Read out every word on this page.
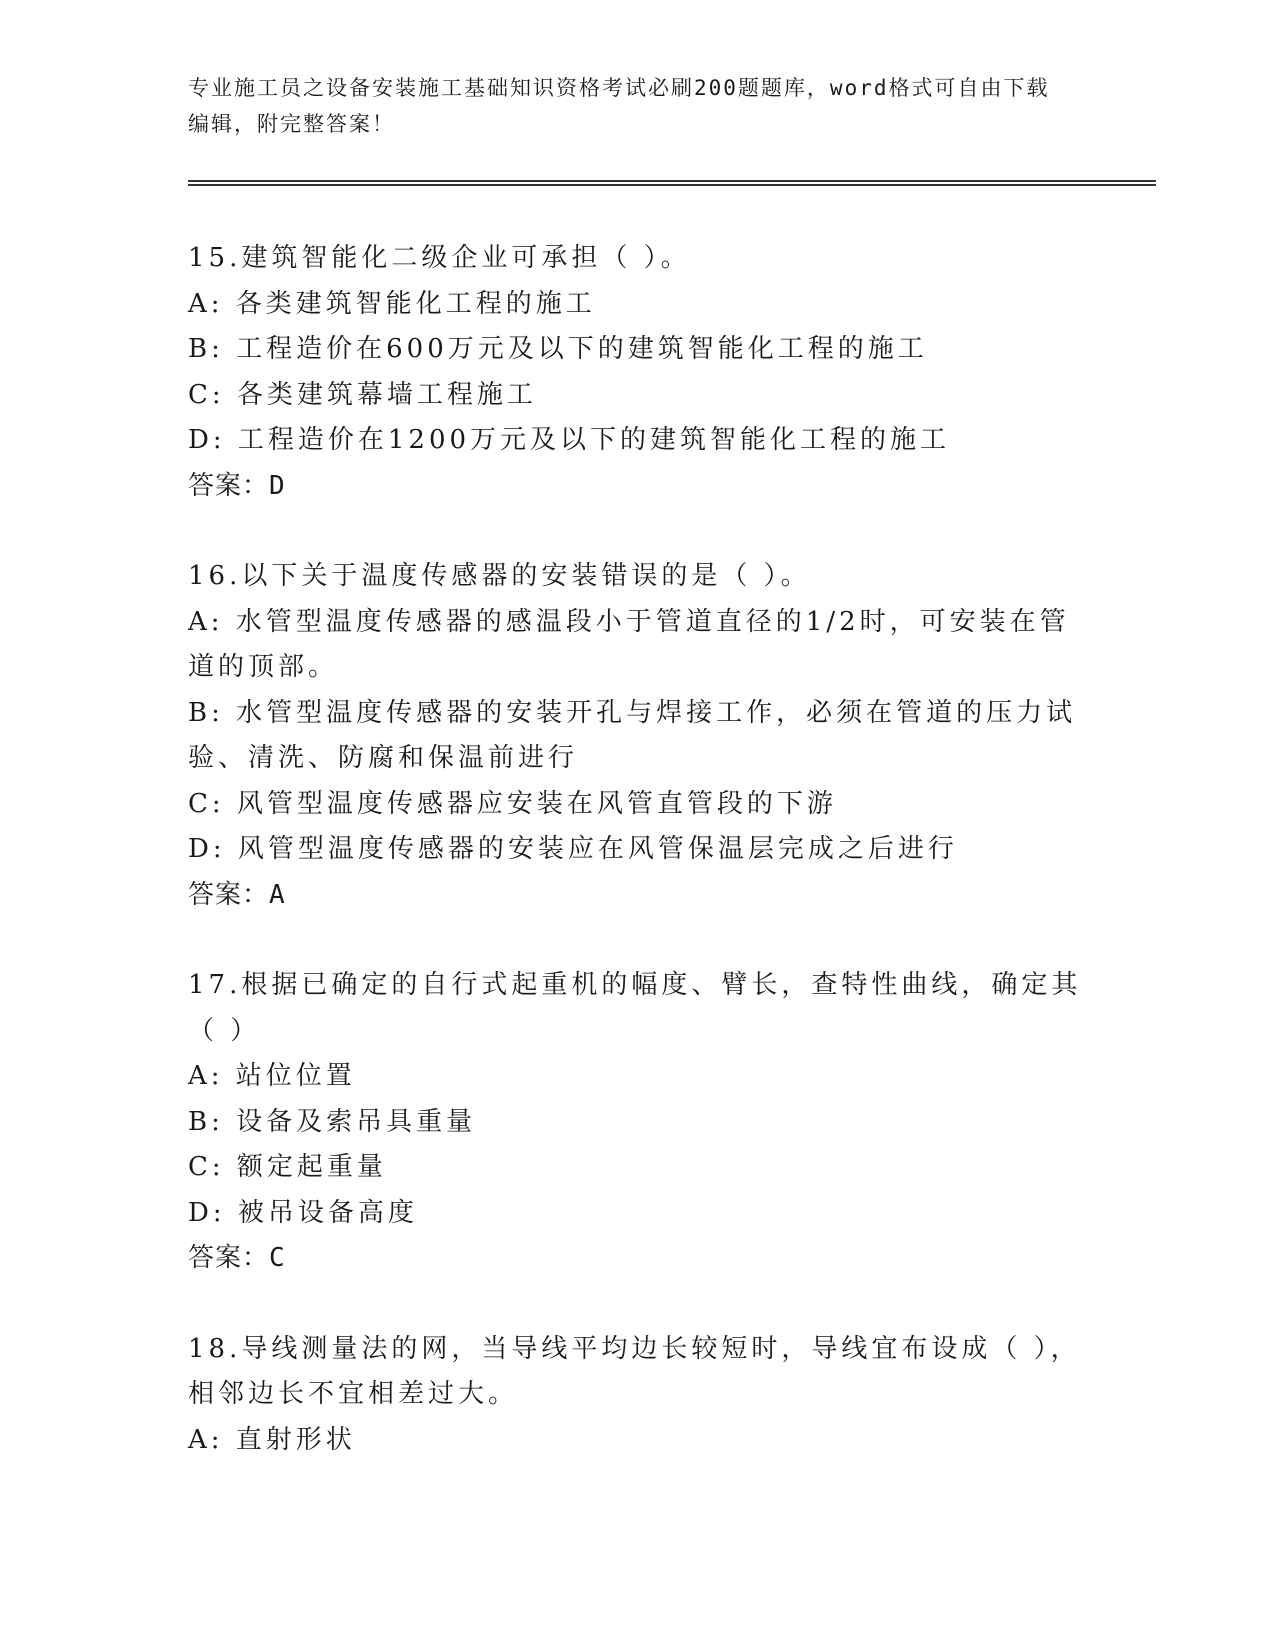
专业施工员之设备安装施工基础知识资格考试必刷200题题库，word格式可自由下载编辑，附完整答案！

15.建筑智能化二级企业可承担（ ）。

A: 各类建筑智能化工程的施工

B: 工程造价在600万元及以下的建筑智能化工程的施工

C: 各类建筑幕墙工程施工

D: 工程造价在1200万元及以下的建筑智能化工程的施工

答案：D

16.以下关于温度传感器的安装错误的是（ ）。

A: 水管型温度传感器的感温段小于管道直径的1/2时，可安装在管道的顶部。

B: 水管型温度传感器的安装开孔与焊接工作，必须在管道的压力试验、清洗、防腐和保温前进行

C: 风管型温度传感器应安装在风管直管段的下游

D: 风管型温度传感器的安装应在风管保温层完成之后进行

答案：A

17.根据已确定的自行式起重机的幅度、臂长，查特性曲线，确定其（ ）

A: 站位位置

B: 设备及索吊具重量

C: 额定起重量

D: 被吊设备高度

答案：C

18.导线测量法的网，当导线平均边长较短时，导线宜布设成（ ），相邻边长不宜相差过大。

A: 直射形状
